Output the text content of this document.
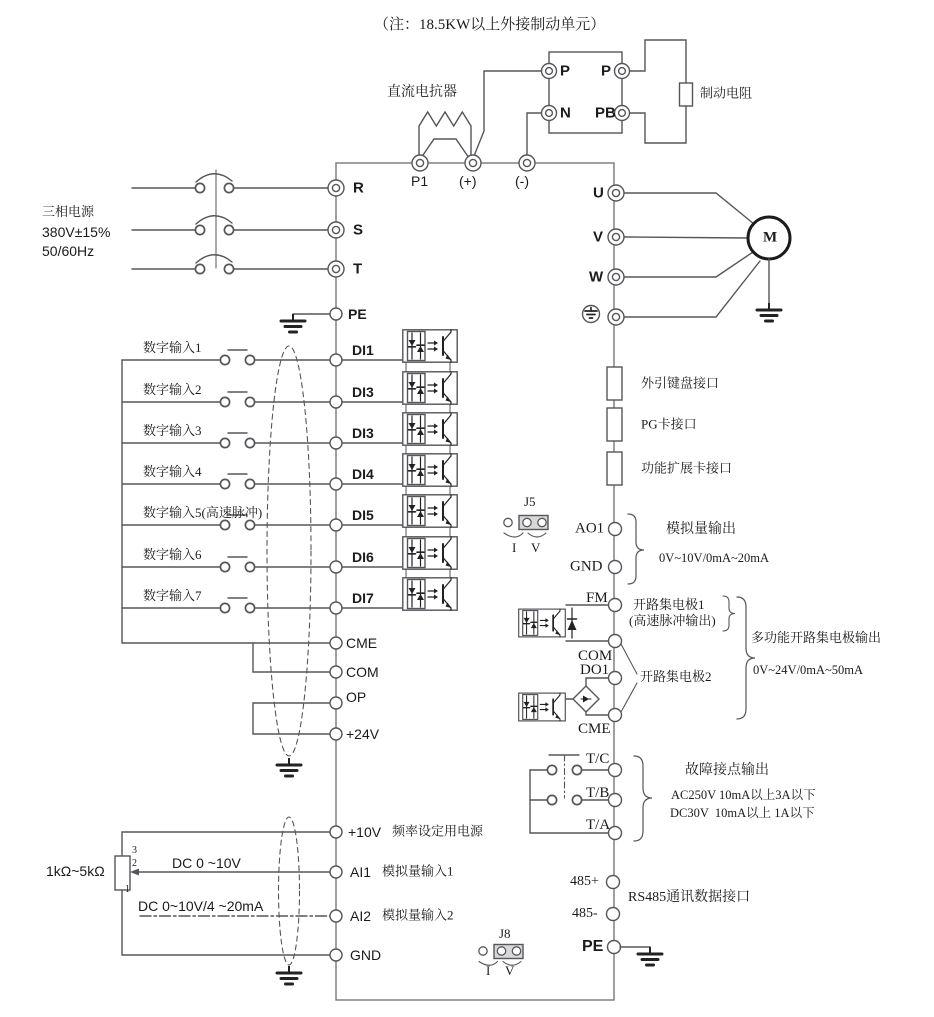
（注：18.5KW以上外接制动单元）
直流电抗器
P1 (+)	(-)
P
N
P
PB
制动电阻
三相电源
380V±15%
50/60Hz
R
S
T
PE
U
V
W
M
数字输入1
数字输入2
数字输入3
数字输入4
数字输入5(高速脉冲)
数字输入6
数字输入7
DI1
DI3
DI3
DI4
DI5
DI6
DI7
CME
COM
OP
+24V
外引键盘接口
PG卡接口
功能扩展卡接口
J5
I V
AO1
GND
模拟量输出
0V~10V/0mA~20mA
FM
COM
DO1
CME
开路集电极1
(高速脉冲输出)
开路集电极2
多功能开路集电极输出
0V~24V/0mA~50mA
T/C
T/B
T/A
故障接点输出
AC250V 10mA以上3A以下
DC30V  10mA以上 1A以下
+10V 频率设定用电源
1kΩ~5kΩ
3
2
1
DC 0 ~10V
AI1 模拟量输入1
DC 0~10V/4 ~20mA
AI2 模拟量输入2
GND
485+
485-
RS485通讯数据接口
PE
J8
I V
